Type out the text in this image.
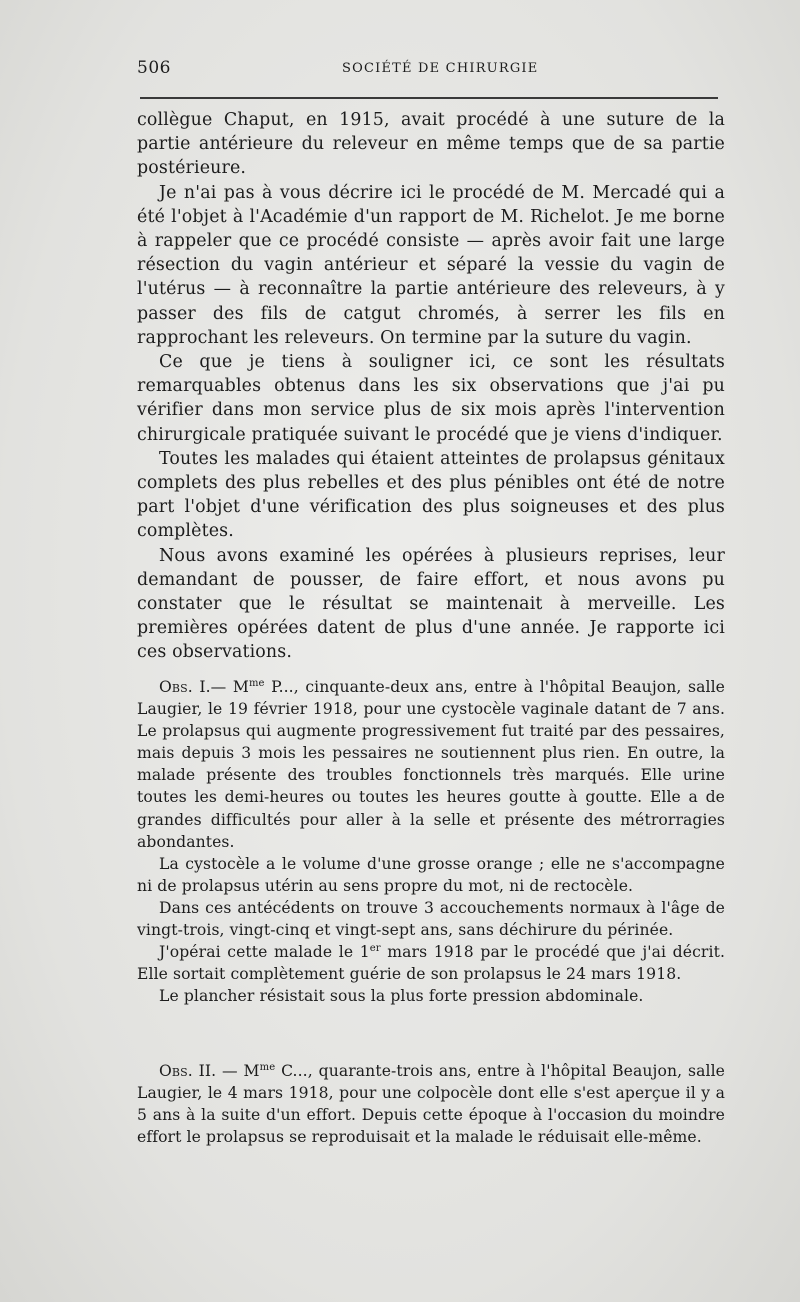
506	SOCIÉTÉ DE CHIRURGIE

collègue Chaput, en 1915, avait procédé à une suture de la partie antérieure du releveur en même temps que de sa partie postérieure.

Je n'ai pas à vous décrire ici le procédé de M. Mercadé qui a été l'objet à l'Académie d'un rapport de M. Richelot. Je me borne à rappeler que ce procédé consiste — après avoir fait une large résection du vagin antérieur et séparé la vessie du vagin de l'utérus — à reconnaître la partie antérieure des releveurs, à y passer des fils de catgut chromés, à serrer les fils en rapprochant les releveurs. On termine par la suture du vagin.

Ce que je tiens à souligner ici, ce sont les résultats remarquables obtenus dans les six observations que j'ai pu vérifier dans mon service plus de six mois après l'intervention chirurgicale pratiquée suivant le procédé que je viens d'indiquer.

Toutes les malades qui étaient atteintes de prolapsus génitaux complets des plus rebelles et des plus pénibles ont été de notre part l'objet d'une vérification des plus soigneuses et des plus complètes.

Nous avons examiné les opérées à plusieurs reprises, leur demandant de pousser, de faire effort, et nous avons pu constater que le résultat se maintenait à merveille. Les premières opérées datent de plus d'une année. Je rapporte ici ces observations.

Obs. I.— $M^{me}$ P..., cinquante-deux ans, entre à l'hôpital Beaujon, salle Laugier, le 19 février 1918, pour une cystocèle vaginale datant de 7 ans. Le prolapsus qui augmente progressivement fut traité par des pessaires, mais depuis 3 mois les pessaires ne soutiennent plus rien. En outre, la malade présente des troubles fonctionnels très marqués. Elle urine toutes les demi-heures ou toutes les heures goutte à goutte. Elle a de grandes difficultés pour aller à la selle et présente des métrorragies abondantes.

La cystocèle a le volume d'une grosse orange ; elle ne s'accompagne ni de prolapsus utérin au sens propre du mot, ni de rectocèle.

Dans ces antécédents on trouve 3 accouchements normaux à l'âge de vingt-trois, vingt-cinq et vingt-sept ans, sans déchirure du périnée.

J'opérai cette malade le 1er mars 1918 par le procédé que j'ai décrit. Elle sortait complètement guérie de son prolapsus le 24 mars 1918.

Le plancher résistait sous la plus forte pression abdominale.

Obs. II. — $M^{me}$ C..., quarante-trois ans, entre à l'hôpital Beaujon, salle Laugier, le 4 mars 1918, pour une colpocèle dont elle s'est aperçue il y a 5 ans à la suite d'un effort. Depuis cette époque à l'occasion du moindre effort le prolapsus se reproduisait et la malade le réduisait elle-même.
